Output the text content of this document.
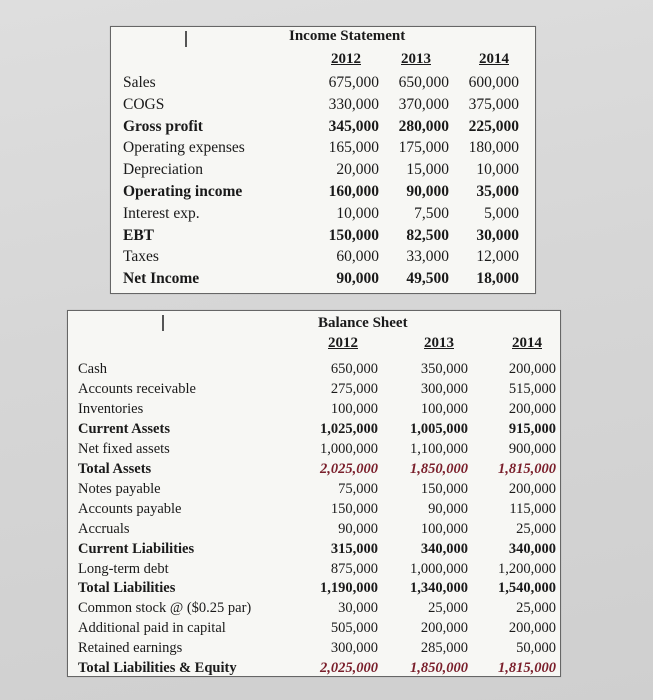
Income Statement
2012	2013	2014
Sales	675,000	650,000	600,000
COGS	330,000	370,000	375,000
Gross profit	345,000	280,000	225,000
Operating expenses	165,000	175,000	180,000
Depreciation	20,000	15,000	10,000
Operating income	160,000	90,000	35,000
Interest exp.	10,000	7,500	5,000
EBT	150,000	82,500	30,000
Taxes	60,000	33,000	12,000
Net Income	90,000	49,500	18,000
Balance Sheet
2012	2013	2014
Cash	650,000	350,000	200,000
Accounts receivable	275,000	300,000	515,000
Inventories	100,000	100,000	200,000
Current Assets	1,025,000	1,005,000	915,000
Net fixed assets	1,000,000	1,100,000	900,000
Total Assets	2,025,000	1,850,000	1,815,000
Notes payable	75,000	150,000	200,000
Accounts payable	150,000	90,000	115,000
Accruals	90,000	100,000	25,000
Current Liabilities	315,000	340,000	340,000
Long-term debt	875,000	1,000,000	1,200,000
Total Liabilities	1,190,000	1,340,000	1,540,000
Common stock @ ($0.25 par)	30,000	25,000	25,000
Additional paid in capital	505,000	200,000	200,000
Retained earnings	300,000	285,000	50,000
Total Liabilities & Equity	2,025,000	1,850,000	1,815,000
